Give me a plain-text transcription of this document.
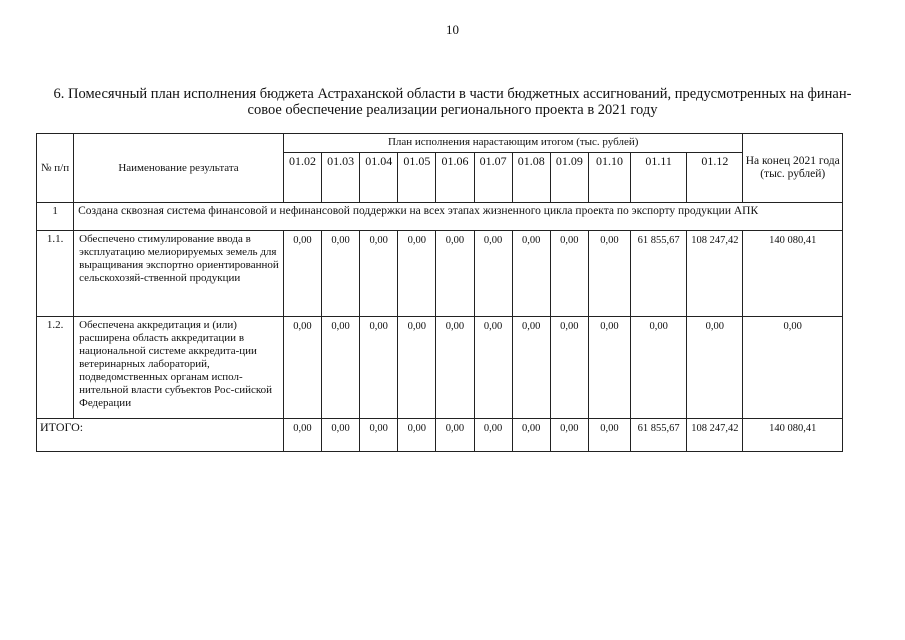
10
6. Помесячный план исполнения бюджета Астраханской области в части бюджетных ассигнований, предусмотренных на финан-
совое обеспечение реализации регионального проекта в 2021 году
№ п/п	Наименование результата	План исполнения нарастающим итогом (тыс. рублей)											На конец 2021 года (тыс. рублей)
		01.02	01.03	01.04	01.05	01.06	01.07	01.08	01.09	01.10	01.11	01.12	
1	Создана сквозная система финансовой и нефинансовой поддержки на всех этапах жизненного цикла проекта по экспорту продукции АПК												
1.1.	Обеспечено стимулирование ввода в эксплуатацию мелиорируемых земель для выращивания экспортно ориентированной сельскохозяй-ственной продукции	0,00	0,00	0,00	0,00	0,00	0,00	0,00	0,00	0,00	61 855,67	108 247,42	140 080,41
1.2.	Обеспечена аккредитация и (или) расширена область аккредитации в национальной системе аккредита-ции ветеринарных лабораторий, подведомственных органам испол-нительной власти субъектов Рос-сийской Федерации	0,00	0,00	0,00	0,00	0,00	0,00	0,00	0,00	0,00	0,00	0,00	0,00
ИТОГО:		0,00	0,00	0,00	0,00	0,00	0,00	0,00	0,00	0,00	61 855,67	108 247,42	140 080,41
